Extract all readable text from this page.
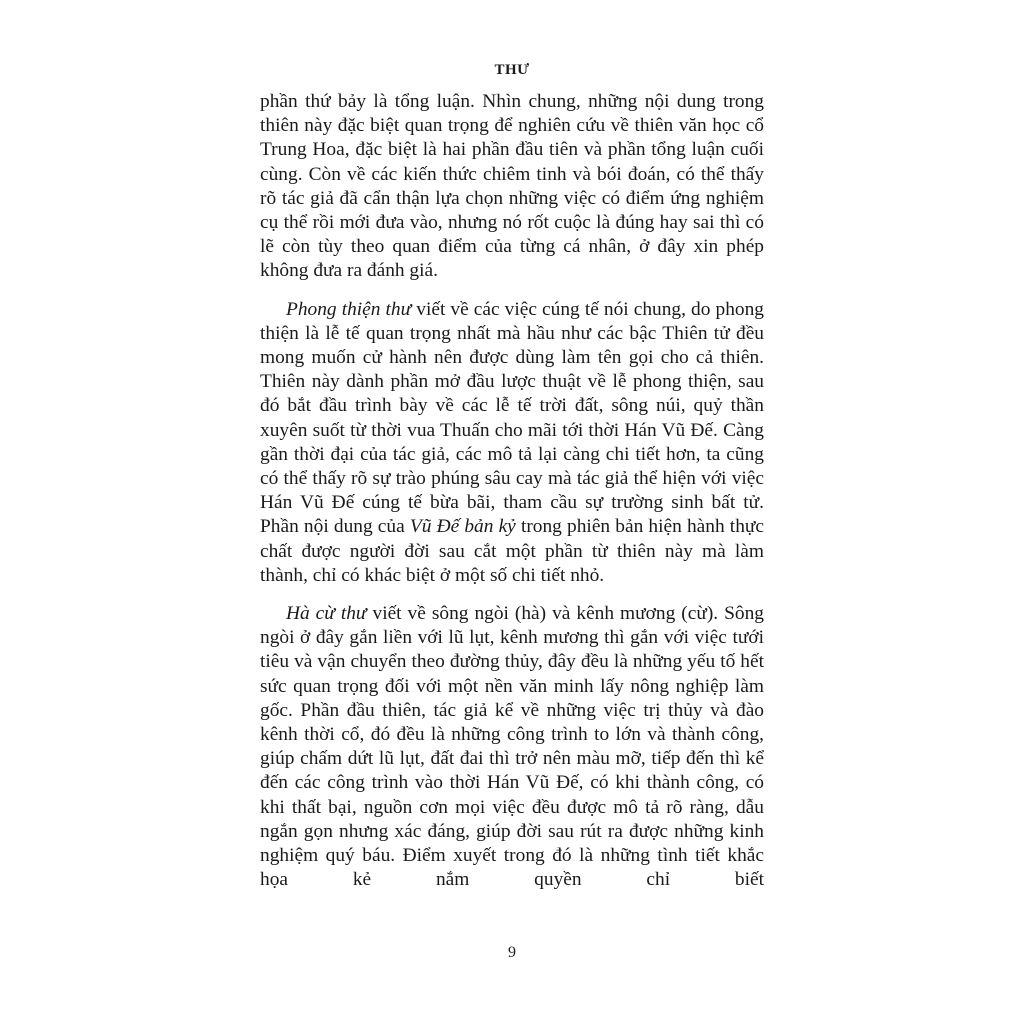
THƯ

phần thứ bảy là tổng luận. Nhìn chung, những nội dung trong thiên này đặc biệt quan trọng để nghiên cứu về thiên văn học cổ Trung Hoa, đặc biệt là hai phần đầu tiên và phần tổng luận cuối cùng. Còn về các kiến thức chiêm tinh và bói đoán, có thể thấy rõ tác giả đã cẩn thận lựa chọn những việc có điểm ứng nghiệm cụ thể rồi mới đưa vào, nhưng nó rốt cuộc là đúng hay sai thì có lẽ còn tùy theo quan điểm của từng cá nhân, ở đây xin phép không đưa ra đánh giá.

Phong thiện thư viết về các việc cúng tế nói chung, do phong thiện là lễ tế quan trọng nhất mà hầu như các bậc Thiên tử đều mong muốn cử hành nên được dùng làm tên gọi cho cả thiên. Thiên này dành phần mở đầu lược thuật về lễ phong thiện, sau đó bắt đầu trình bày về các lễ tế trời đất, sông núi, quỷ thần xuyên suốt từ thời vua Thuấn cho mãi tới thời Hán Vũ Đế. Càng gần thời đại của tác giả, các mô tả lại càng chi tiết hơn, ta cũng có thể thấy rõ sự trào phúng sâu cay mà tác giả thể hiện với việc Hán Vũ Đế cúng tế bừa bãi, tham cầu sự trường sinh bất tử. Phần nội dung của Vũ Đế bản kỷ trong phiên bản hiện hành thực chất được người đời sau cắt một phần từ thiên này mà làm thành, chỉ có khác biệt ở một số chi tiết nhỏ.

Hà cừ thư viết về sông ngòi (hà) và kênh mương (cừ). Sông ngòi ở đây gắn liền với lũ lụt, kênh mương thì gắn với việc tưới tiêu và vận chuyển theo đường thủy, đây đều là những yếu tố hết sức quan trọng đối với một nền văn minh lấy nông nghiệp làm gốc. Phần đầu thiên, tác giả kể về những việc trị thủy và đào kênh thời cổ, đó đều là những công trình to lớn và thành công, giúp chấm dứt lũ lụt, đất đai thì trở nên màu mỡ, tiếp đến thì kể đến các công trình vào thời Hán Vũ Đế, có khi thành công, có khi thất bại, nguồn cơn mọi việc đều được mô tả rõ ràng, dẫu ngắn gọn nhưng xác đáng, giúp đời sau rút ra được những kinh nghiệm quý báu. Điểm xuyết trong đó là những tình tiết khắc họa kẻ nắm quyền chỉ biết

9
